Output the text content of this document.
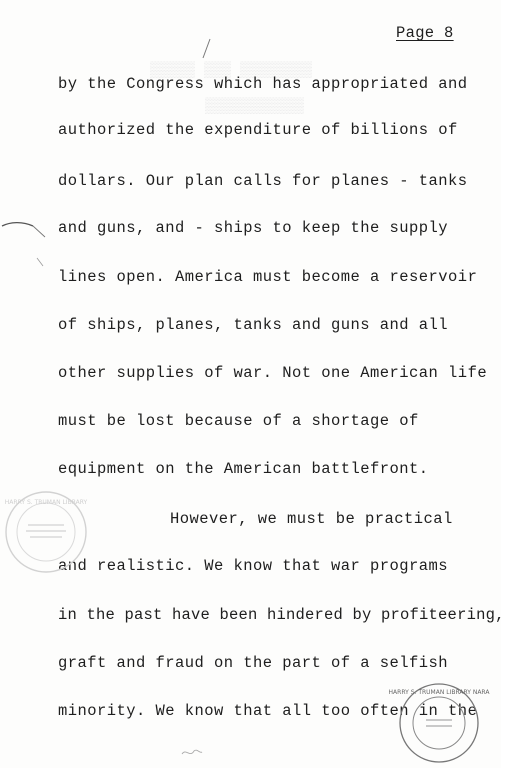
▒▒▒▒▒ ▒▒▒ ▒▒▒▒▒▒▒▒
▒▒▒▒▒▒▒▒▒▒▒
Page 8
by the Congress which has appropriated and
authorized the expenditure of billions of
dollars. Our plan calls for planes - tanks
and guns, and - ships to keep the supply
lines open. America must become a reservoir
of ships, planes, tanks and guns and all
other supplies of war. Not one American life
must be lost because of a shortage of
equipment on the American battlefront.
However, we must be practical
and realistic. We know that war programs
in the past have been hindered by profiteering,
graft and fraud on the part of a selfish
minority. We know that all too often in the
HARRY S. TRUMAN LIBRARY
HARRY S. TRUMAN LIBRARY NARA
